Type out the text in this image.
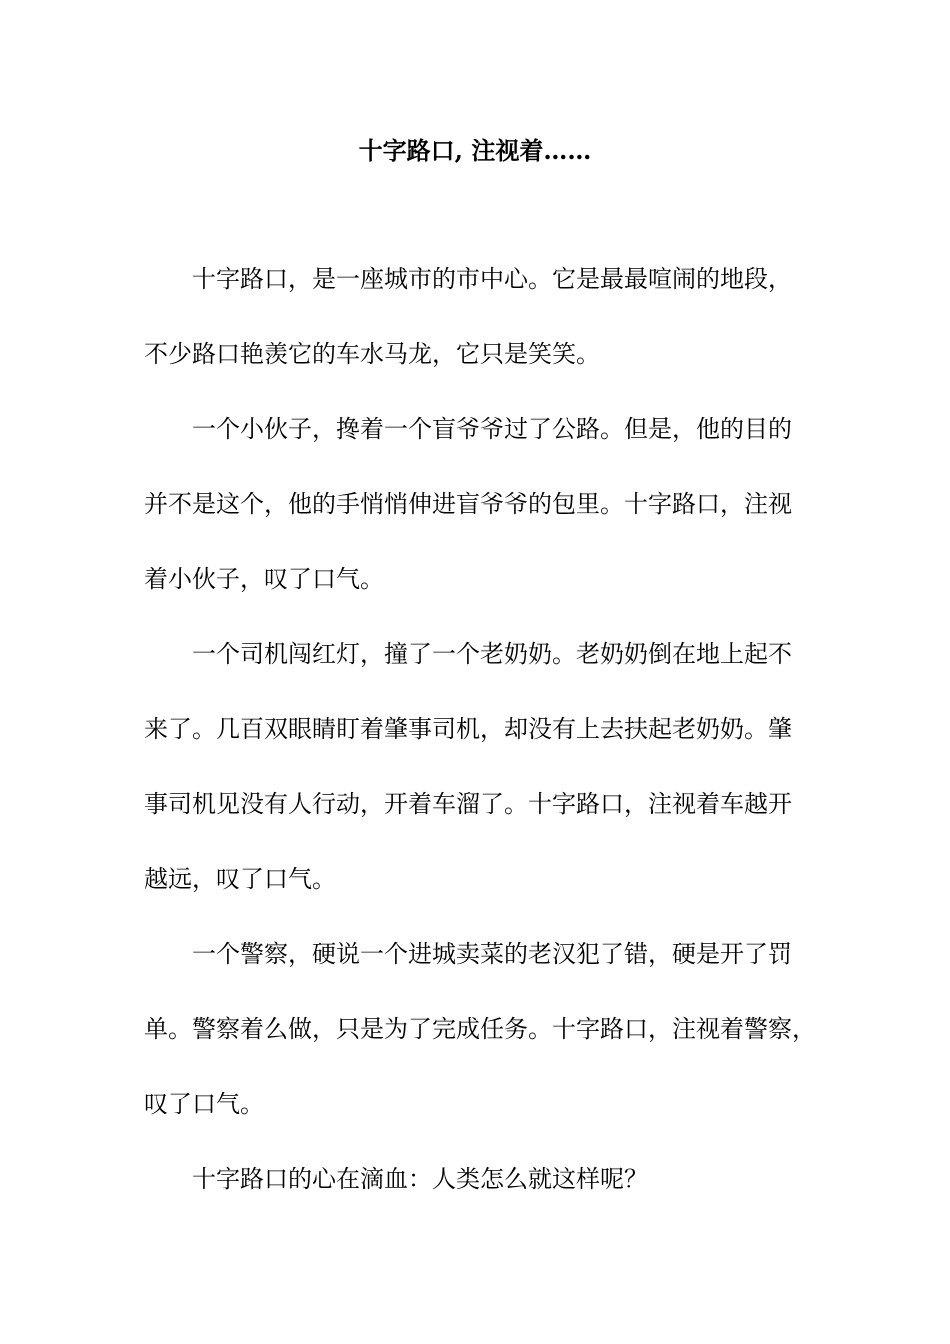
十字路口, 注视着……
十字路口，是一座城市的市中心。它是最最喧闹的地段，
不少路口艳羡它的车水马龙，它只是笑笑。
一个小伙子，搀着一个盲爷爷过了公路。但是，他的目的
并不是这个，他的手悄悄伸进盲爷爷的包里。十字路口，注视
着小伙子，叹了口气。
一个司机闯红灯，撞了一个老奶奶。老奶奶倒在地上起不
来了。几百双眼睛盯着肇事司机，却没有上去扶起老奶奶。肇
事司机见没有人行动，开着车溜了。十字路口，注视着车越开
越远，叹了口气。
一个警察，硬说一个进城卖菜的老汉犯了错，硬是开了罚
单。警察着么做，只是为了完成任务。十字路口，注视着警察，
叹了口气。
十字路口的心在滴血：人类怎么就这样呢？
